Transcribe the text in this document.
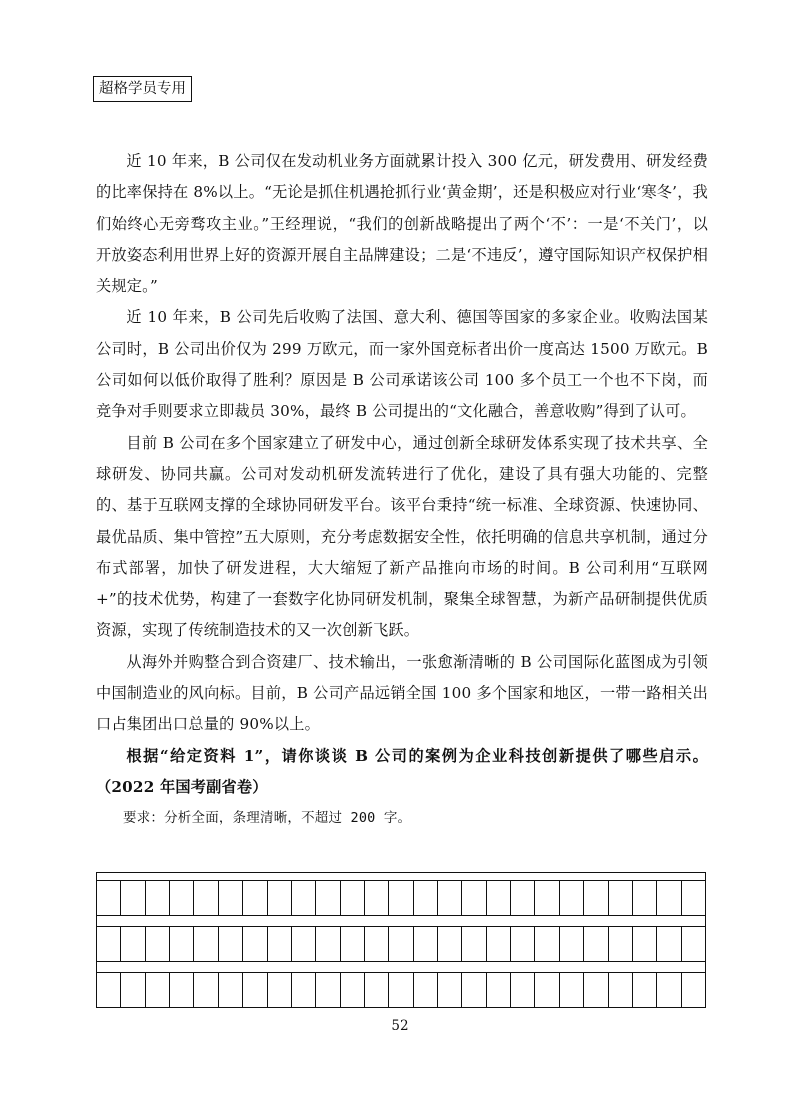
超格学员专用

近 10 年来，B 公司仅在发动机业务方面就累计投入 300 亿元，研发费用、研发经费的比率保持在 8%以上。“无论是抓住机遇抢抓行业‘黄金期’，还是积极应对行业‘寒冬’，我们始终心无旁骛攻主业。”王经理说，“我们的创新战略提出了两个‘不’：一是‘不关门’，以开放姿态利用世界上好的资源开展自主品牌建设；二是‘不违反’，遵守国际知识产权保护相关规定。”

近 10 年来，B 公司先后收购了法国、意大利、德国等国家的多家企业。收购法国某公司时，B 公司出价仅为 299 万欧元，而一家外国竞标者出价一度高达 1500 万欧元。B 公司如何以低价取得了胜利？原因是 B 公司承诺该公司 100 多个员工一个也不下岗，而竞争对手则要求立即裁员 30%，最终 B 公司提出的“文化融合，善意收购”得到了认可。

目前 B 公司在多个国家建立了研发中心，通过创新全球研发体系实现了技术共享、全球研发、协同共赢。公司对发动机研发流转进行了优化，建设了具有强大功能的、完整的、基于互联网支撑的全球协同研发平台。该平台秉持“统一标准、全球资源、快速协同、最优品质、集中管控”五大原则，充分考虑数据安全性，依托明确的信息共享机制，通过分布式部署，加快了研发进程，大大缩短了新产品推向市场的时间。B 公司利用“互联网+”的技术优势，构建了一套数字化协同研发机制，聚集全球智慧，为新产品研制提供优质资源，实现了传统制造技术的又一次创新飞跃。

从海外并购整合到合资建厂、技术输出，一张愈渐清晰的 B 公司国际化蓝图成为引领中国制造业的风向标。目前，B 公司产品远销全国 100 多个国家和地区，一带一路相关出口占集团出口总量的 90%以上。

根据“给定资料 1”，请你谈谈 B 公司的案例为企业科技创新提供了哪些启示。（2022 年国考副省卷）

要求：分析全面，条理清晰，不超过 200 字。

52
